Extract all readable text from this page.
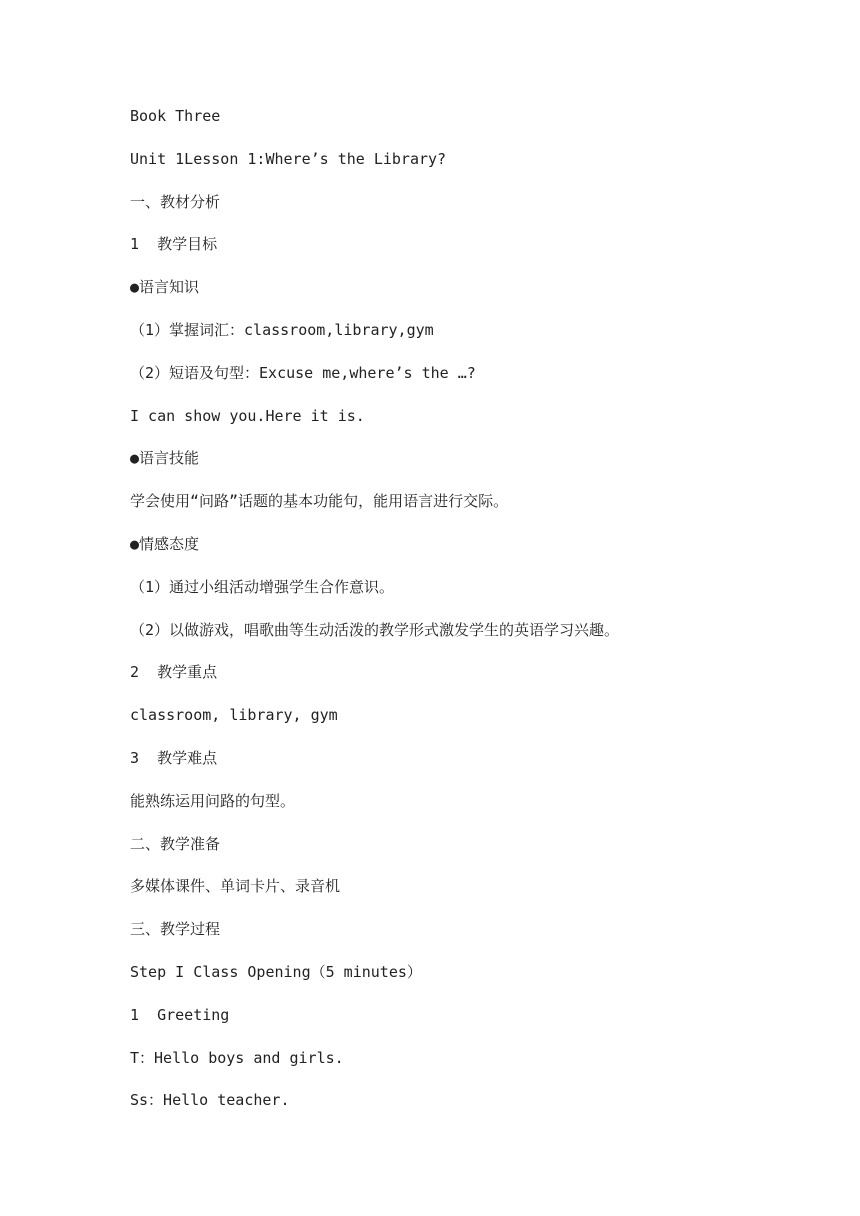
Book Three
Unit 1Lesson 1:Where’s the Library?
一、教材分析
1  教学目标
●语言知识
（1）掌握词汇：classroom,library,gym
（2）短语及句型：Excuse me,where’s the …?
I can show you.Here it is.
●语言技能
学会使用“问路”话题的基本功能句，能用语言进行交际。
●情感态度
（1）通过小组活动增强学生合作意识。
（2）以做游戏，唱歌曲等生动活泼的教学形式激发学生的英语学习兴趣。
2  教学重点
classroom, library, gym
3  教学难点
能熟练运用问路的句型。
二、教学准备
多媒体课件、单词卡片、录音机
三、教学过程
Step I Class Opening（5 minutes）
1  Greeting
T：Hello boys and girls.
Ss：Hello teacher.
